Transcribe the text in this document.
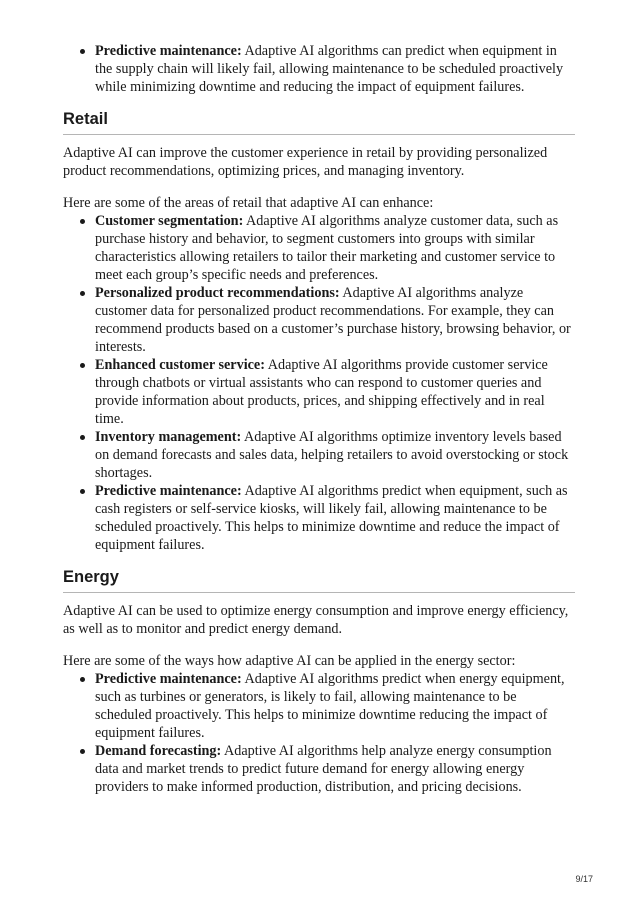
Predictive maintenance: Adaptive AI algorithms can predict when equipment in the supply chain will likely fail, allowing maintenance to be scheduled proactively while minimizing downtime and reducing the impact of equipment failures.
Retail

Adaptive AI can improve the customer experience in retail by providing personalized product recommendations, optimizing prices, and managing inventory.

Here are some of the areas of retail that adaptive AI can enhance:

Customer segmentation: Adaptive AI algorithms analyze customer data, such as purchase history and behavior, to segment customers into groups with similar characteristics allowing retailers to tailor their marketing and customer service to meet each group’s specific needs and preferences.
Personalized product recommendations: Adaptive AI algorithms analyze customer data for personalized product recommendations. For example, they can recommend products based on a customer’s purchase history, browsing behavior, or interests.
Enhanced customer service: Adaptive AI algorithms provide customer service through chatbots or virtual assistants who can respond to customer queries and provide information about products, prices, and shipping effectively and in real time.
Inventory management: Adaptive AI algorithms optimize inventory levels based on demand forecasts and sales data, helping retailers to avoid overstocking or stock shortages.
Predictive maintenance: Adaptive AI algorithms predict when equipment, such as cash registers or self-service kiosks, will likely fail, allowing maintenance to be scheduled proactively. This helps to minimize downtime and reduce the impact of equipment failures.
Energy

Adaptive AI can be used to optimize energy consumption and improve energy efficiency, as well as to monitor and predict energy demand.

Here are some of the ways how adaptive AI can be applied in the energy sector:

Predictive maintenance: Adaptive AI algorithms predict when energy equipment, such as turbines or generators, is likely to fail, allowing maintenance to be scheduled proactively. This helps to minimize downtime reducing the impact of equipment failures.
Demand forecasting: Adaptive AI algorithms help analyze energy consumption data and market trends to predict future demand for energy allowing energy providers to make informed production, distribution, and pricing decisions.
9/17
